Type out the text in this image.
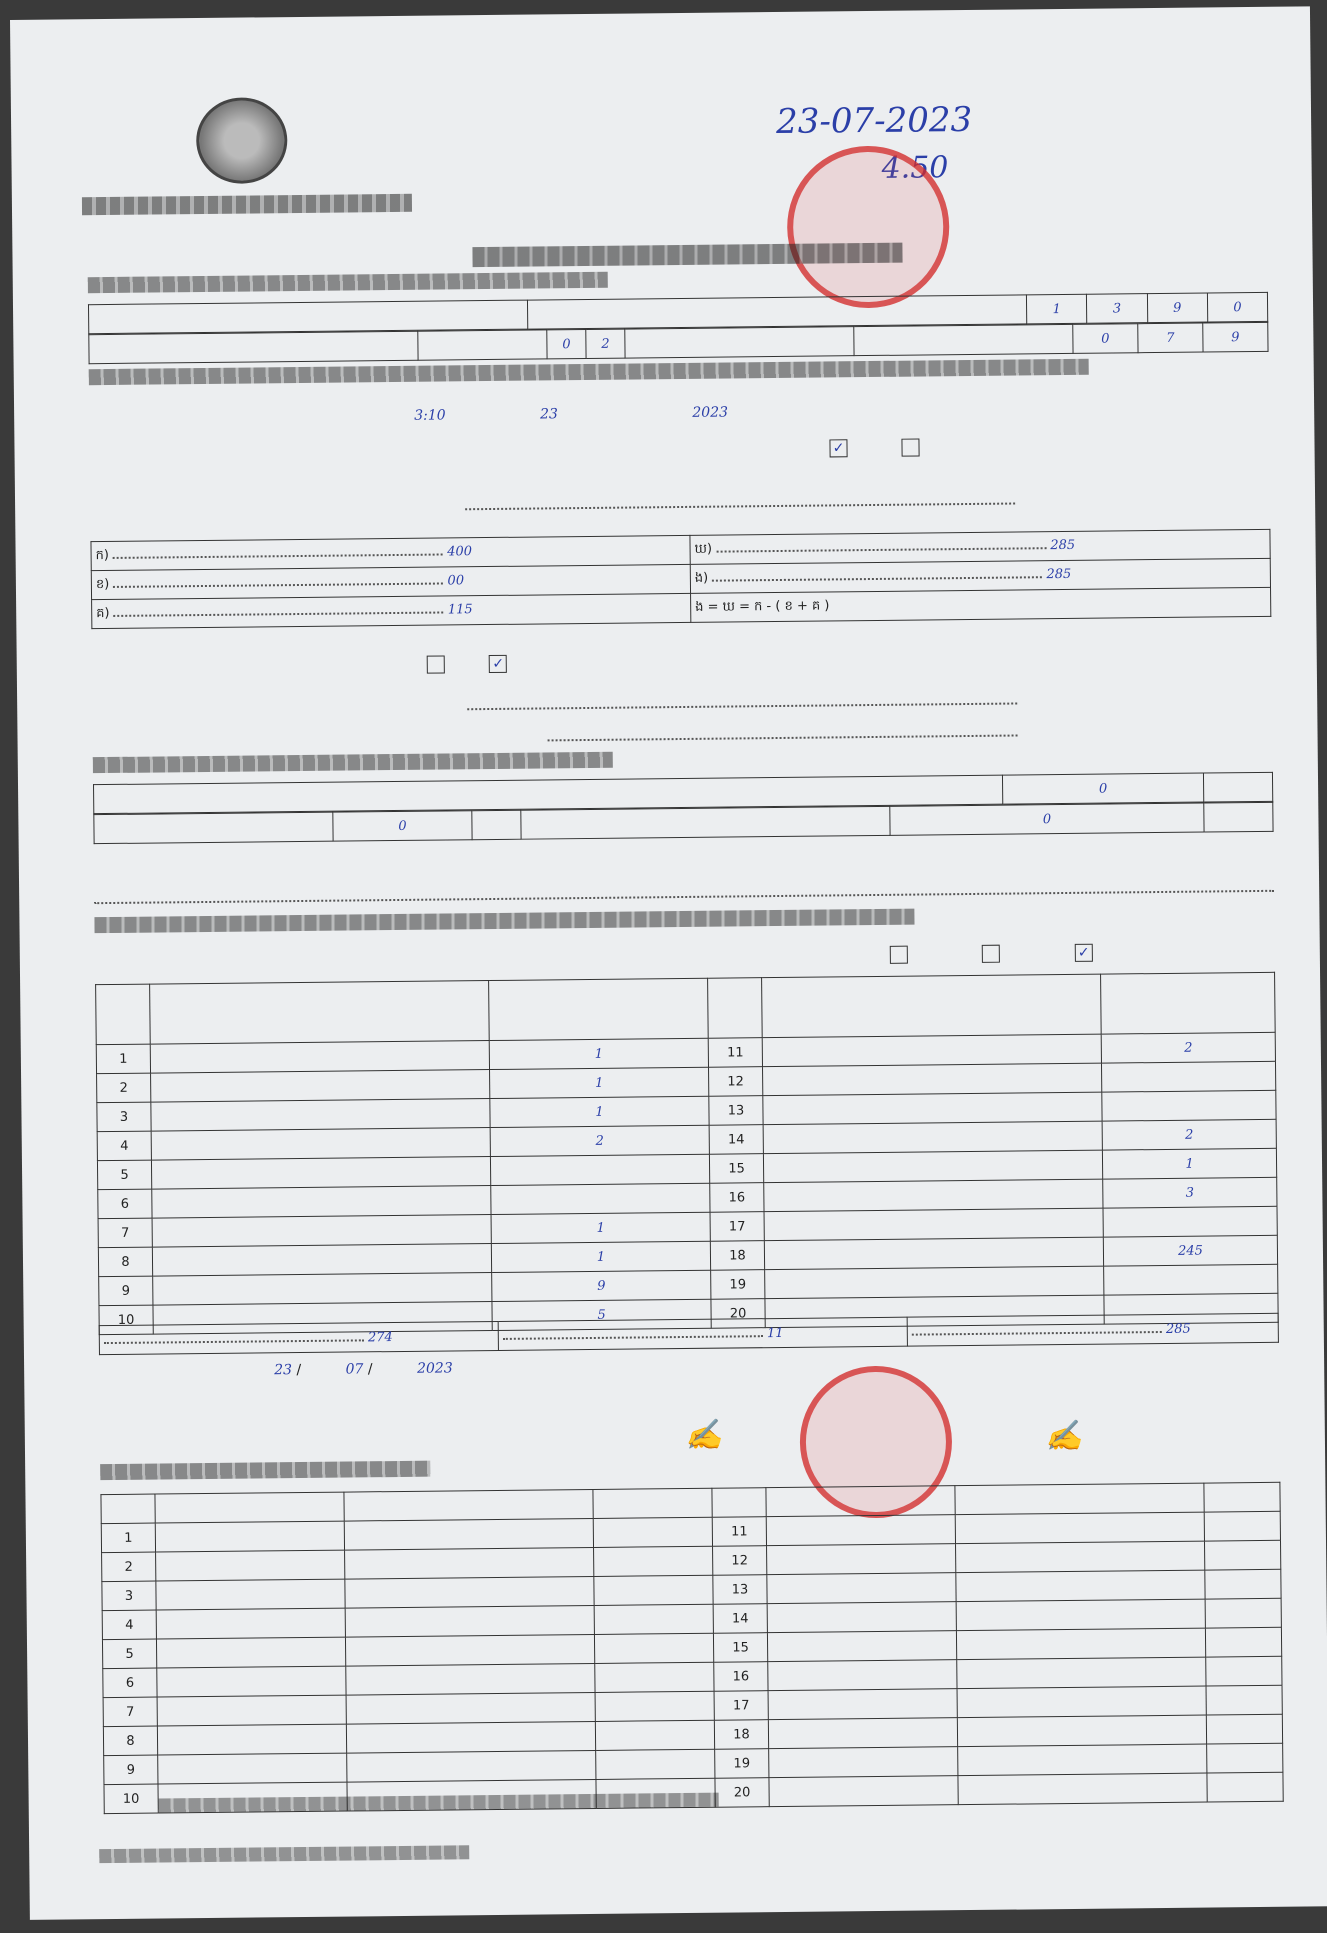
23-07-2023
4.50
		1	3	9	0
		0	2			0	7	9
3:10	23	2023
✓
ក) 400	ឃ) 285
ខ) 00	ង) 285
គ) 115	ង = ឃ = ក - ( ខ + គ )
✓
	0	
	0			0	
✓

1		1	11		2
2		1	12		
3		1	13		
4		2	14		2
5			15		1
6			16		3
7		1	17		
8		1	18		245
9		9	19		
10		5	20		
274	11	285
23 /	07 /	2023
✍	✍

1				11			
2				12			
3				13			
4				14			
5				15			
6				16			
7				17			
8				18			
9				19			
10				20			
